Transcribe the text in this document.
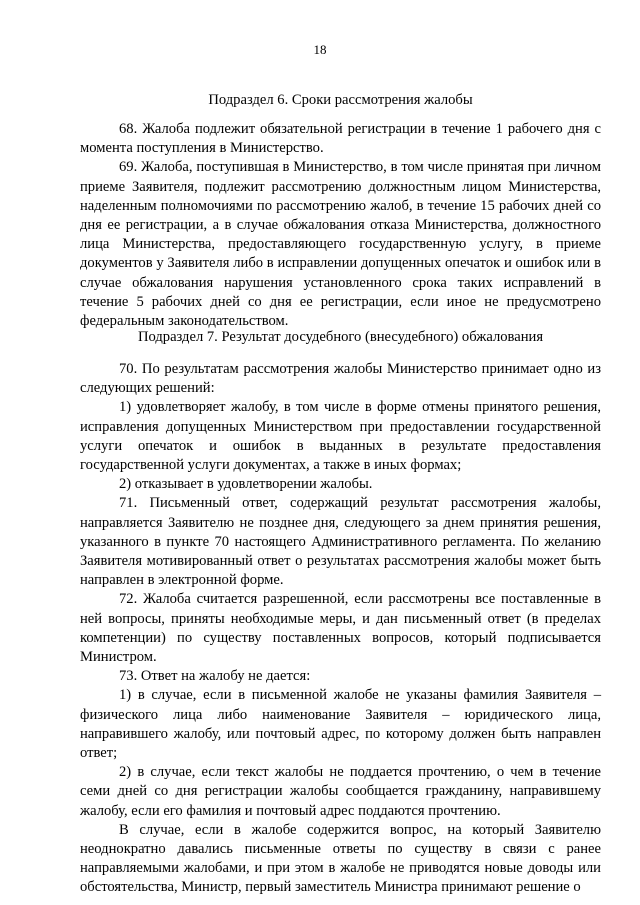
18
Подраздел 6. Сроки рассмотрения жалобы

68. Жалоба подлежит обязательной регистрации в течение 1 рабочего дня с момента поступления в Министерство.

69. Жалоба, поступившая в Министерство, в том числе принятая при личном приеме Заявителя, подлежит рассмотрению должностным лицом Министерства, наделенным полномочиями по рассмотрению жалоб, в течение 15 рабочих дней со дня ее регистрации, а в случае обжалования отказа Министерства, должностного лица Министерства, предоставляющего государственную услугу, в приеме документов у Заявителя либо в исправлении допущенных опечаток и ошибок или в случае обжалования нарушения установленного срока таких исправлений в течение 5 рабочих дней со дня ее регистрации, если иное не предусмотрено федеральным законодательством.

Подраздел 7. Результат досудебного (внесудебного) обжалования

70. По результатам рассмотрения жалобы Министерство принимает одно из следующих решений:

1) удовлетворяет жалобу, в том числе в форме отмены принятого решения, исправления допущенных Министерством при предоставлении государственной услуги опечаток и ошибок в выданных в результате предоставления государственной услуги документах, а также в иных формах;

2) отказывает в удовлетворении жалобы.

71. Письменный ответ, содержащий результат рассмотрения жалобы, направляется Заявителю не позднее дня, следующего за днем принятия решения, указанного в пункте 70 настоящего Административного регламента. По желанию Заявителя мотивированный ответ о результатах рассмотрения жалобы может быть направлен в электронной форме.

72. Жалоба считается разрешенной, если рассмотрены все поставленные в ней вопросы, приняты необходимые меры, и дан письменный ответ (в пределах компетенции) по существу поставленных вопросов, который подписывается Министром.

73. Ответ на жалобу не дается:

1) в случае, если в письменной жалобе не указаны фамилия Заявителя – физического лица либо наименование Заявителя – юридического лица, направившего жалобу, или почтовый адрес, по которому должен быть направлен ответ;

2) в случае, если текст жалобы не поддается прочтению, о чем в течение семи дней со дня регистрации жалобы сообщается гражданину, направившему жалобу, если его фамилия и почтовый адрес поддаются прочтению.

В случае, если в жалобе содержится вопрос, на который Заявителю неоднократно давались письменные ответы по существу в связи с ранее направляемыми жалобами, и при этом в жалобе не приводятся новые доводы или обстоятельства, Министр, первый заместитель Министра принимают решение о
